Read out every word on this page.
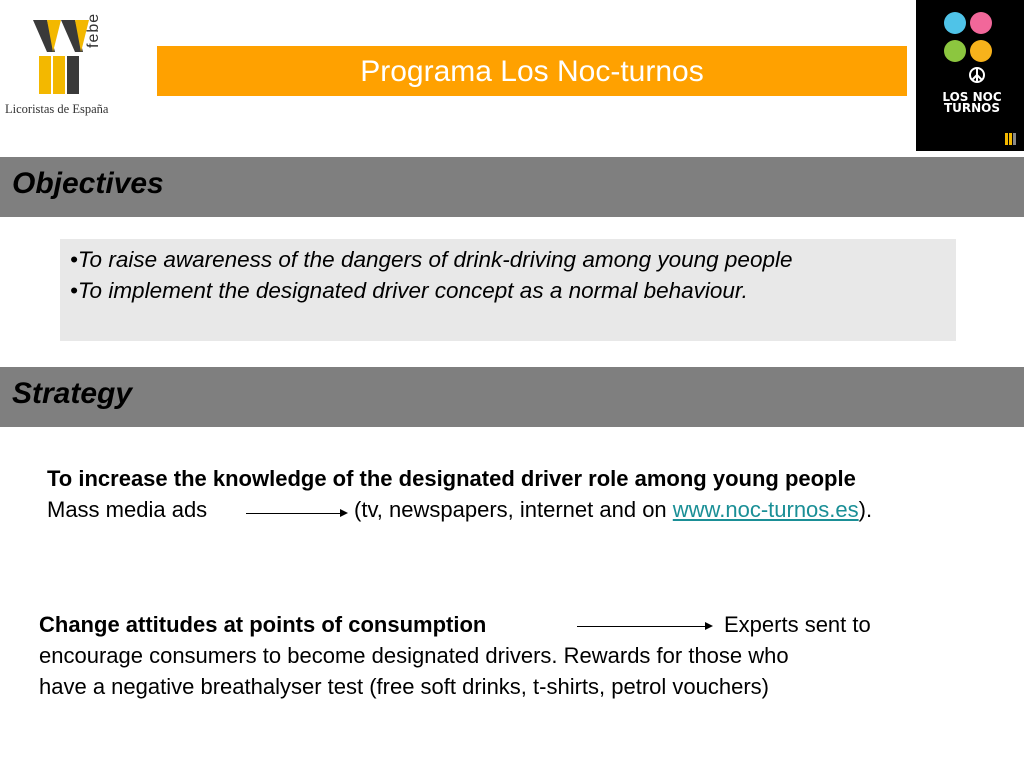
febe
Licoristas de España
Programa Los Noc-turnos
LOS NOC TURNOS
Objectives
•To raise awareness of the dangers of drink-driving among young people
•To implement the designated driver concept as a normal behaviour.
Strategy
To increase the knowledge of the designated driver role among young people
Mass media ads	(tv, newspapers, internet and on www.noc-turnos.es).
Change attitudes at points of consumption	Experts sent to
encourage consumers to become designated drivers. Rewards for those who
have a negative breathalyser test (free soft drinks, t-shirts, petrol vouchers)
